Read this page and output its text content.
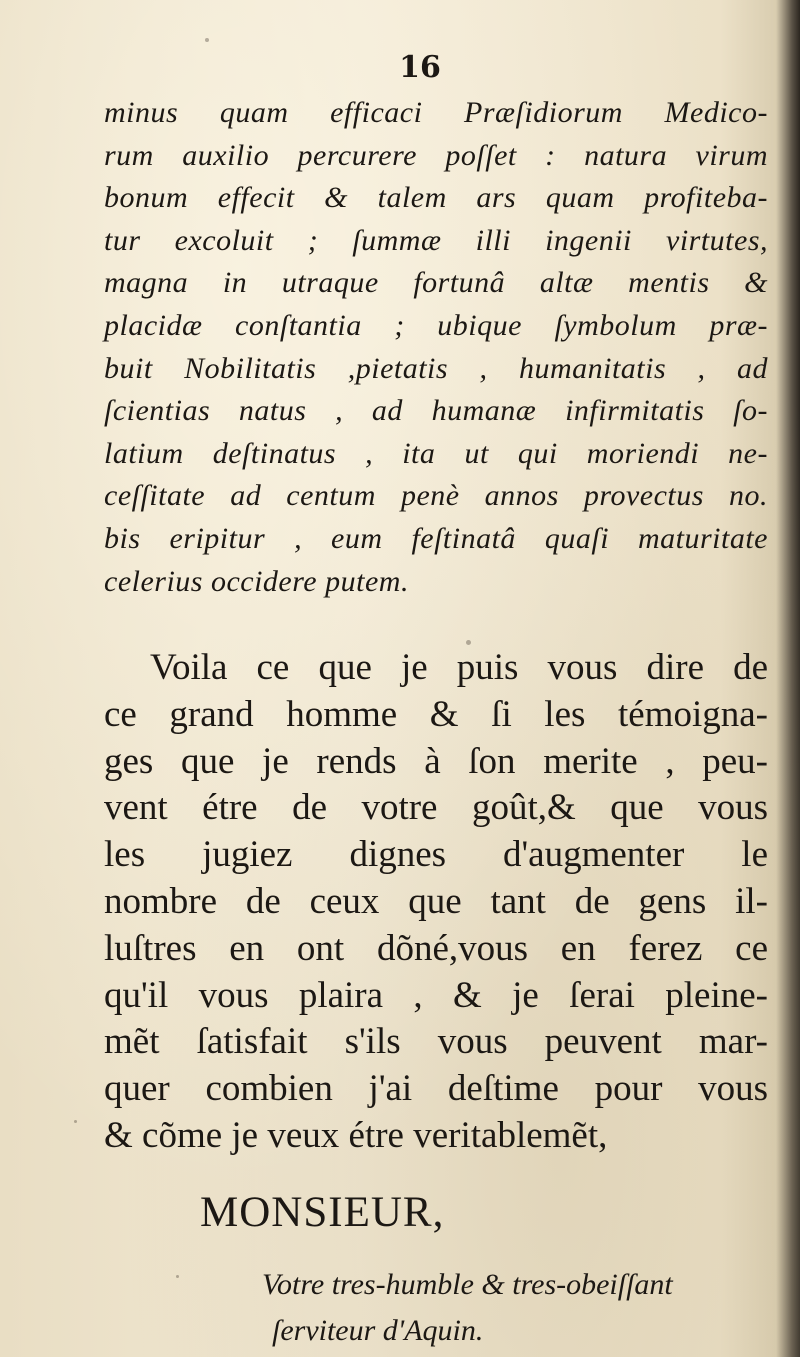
16
minus quam efficaci Præſidiorum Medico-
rum auxilio percurere poſſet : natura virum
bonum effecit & talem ars quam profiteba-
tur excoluit ; ſummæ illi ingenii virtutes,
magna in utraque fortunâ altæ mentis &
placidæ conſtantia ; ubique ſymbolum præ-
buit Nobilitatis ,pietatis , humanitatis , ad
ſcientias natus , ad humanæ infirmitatis ſo-
latium deſtinatus , ita ut qui moriendi ne-
ceſſitate ad centum penè annos provectus no.
bis eripitur , eum feſtinatâ quaſi maturitate
celerius occidere putem.
Voila ce que je puis vous dire de
ce grand homme & ſi les témoigna-
ges que je rends à ſon merite , peu-
vent étre de votre goût,& que vous
les jugiez dignes d'augmenter le
nombre de ceux que tant de gens il-
luſtres en ont dõné,vous en ferez ce
qu'il vous plaira , & je ſerai pleine-
mẽt ſatisfait s'ils vous peuvent mar-
quer combien j'ai deſtime pour vous
& cõme je veux étre veritablemẽt,
MONSIEUR,
Votre tres-humble & tres-obeiſſant
ſerviteur d'Aquin.
